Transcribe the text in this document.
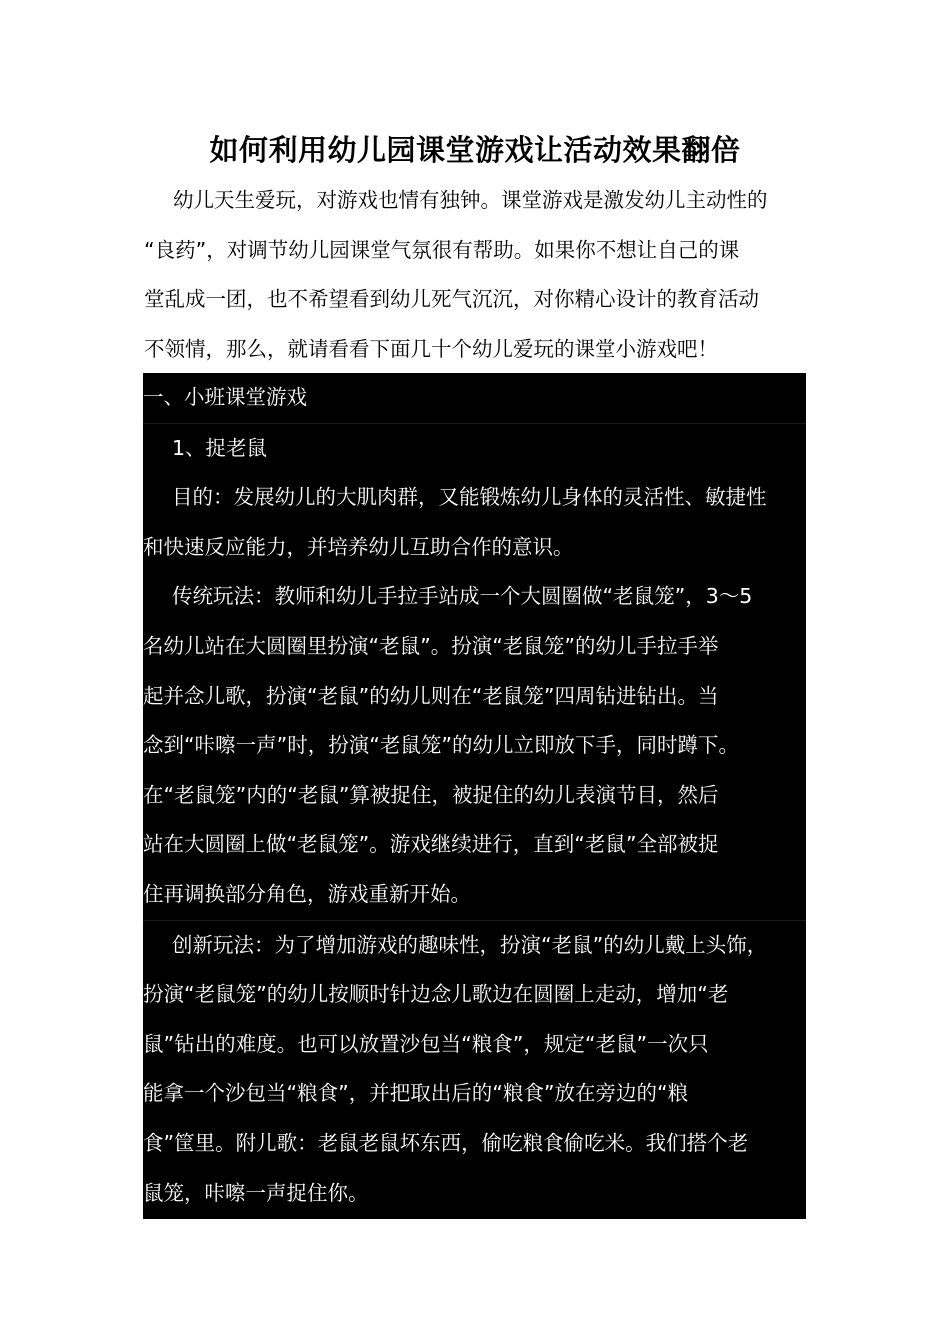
如何利用幼儿园课堂游戏让活动效果翻倍
幼儿天生爱玩，对游戏也情有独钟。课堂游戏是激发幼儿主动性的
“良药”，对调节幼儿园课堂气氛很有帮助。如果你不想让自己的课
堂乱成一团，也不希望看到幼儿死气沉沉，对你精心设计的教育活动
不领情，那么，就请看看下面几十个幼儿爱玩的课堂小游戏吧！
一、小班课堂游戏
1、捉老鼠
目的：发展幼儿的大肌肉群，又能锻炼幼儿身体的灵活性、敏捷性
和快速反应能力，并培养幼儿互助合作的意识。
传统玩法：教师和幼儿手拉手站成一个大圆圈做“老鼠笼”，3～5
名幼儿站在大圆圈里扮演“老鼠”。扮演“老鼠笼”的幼儿手拉手举
起并念儿歌，扮演“老鼠”的幼儿则在“老鼠笼”四周钻进钻出。当
念到“咔嚓一声”时，扮演“老鼠笼”的幼儿立即放下手，同时蹲下。
在“老鼠笼”内的“老鼠”算被捉住，被捉住的幼儿表演节目，然后
站在大圆圈上做“老鼠笼”。游戏继续进行，直到“老鼠”全部被捉
住再调换部分角色，游戏重新开始。
创新玩法：为了增加游戏的趣味性，扮演“老鼠”的幼儿戴上头饰，
扮演“老鼠笼”的幼儿按顺时针边念儿歌边在圆圈上走动，增加“老
鼠”钻出的难度。也可以放置沙包当“粮食”，规定“老鼠”一次只
能拿一个沙包当“粮食”，并把取出后的“粮食”放在旁边的“粮
食”筐里。附儿歌：老鼠老鼠坏东西，偷吃粮食偷吃米。我们搭个老
鼠笼，咔嚓一声捉住你。
